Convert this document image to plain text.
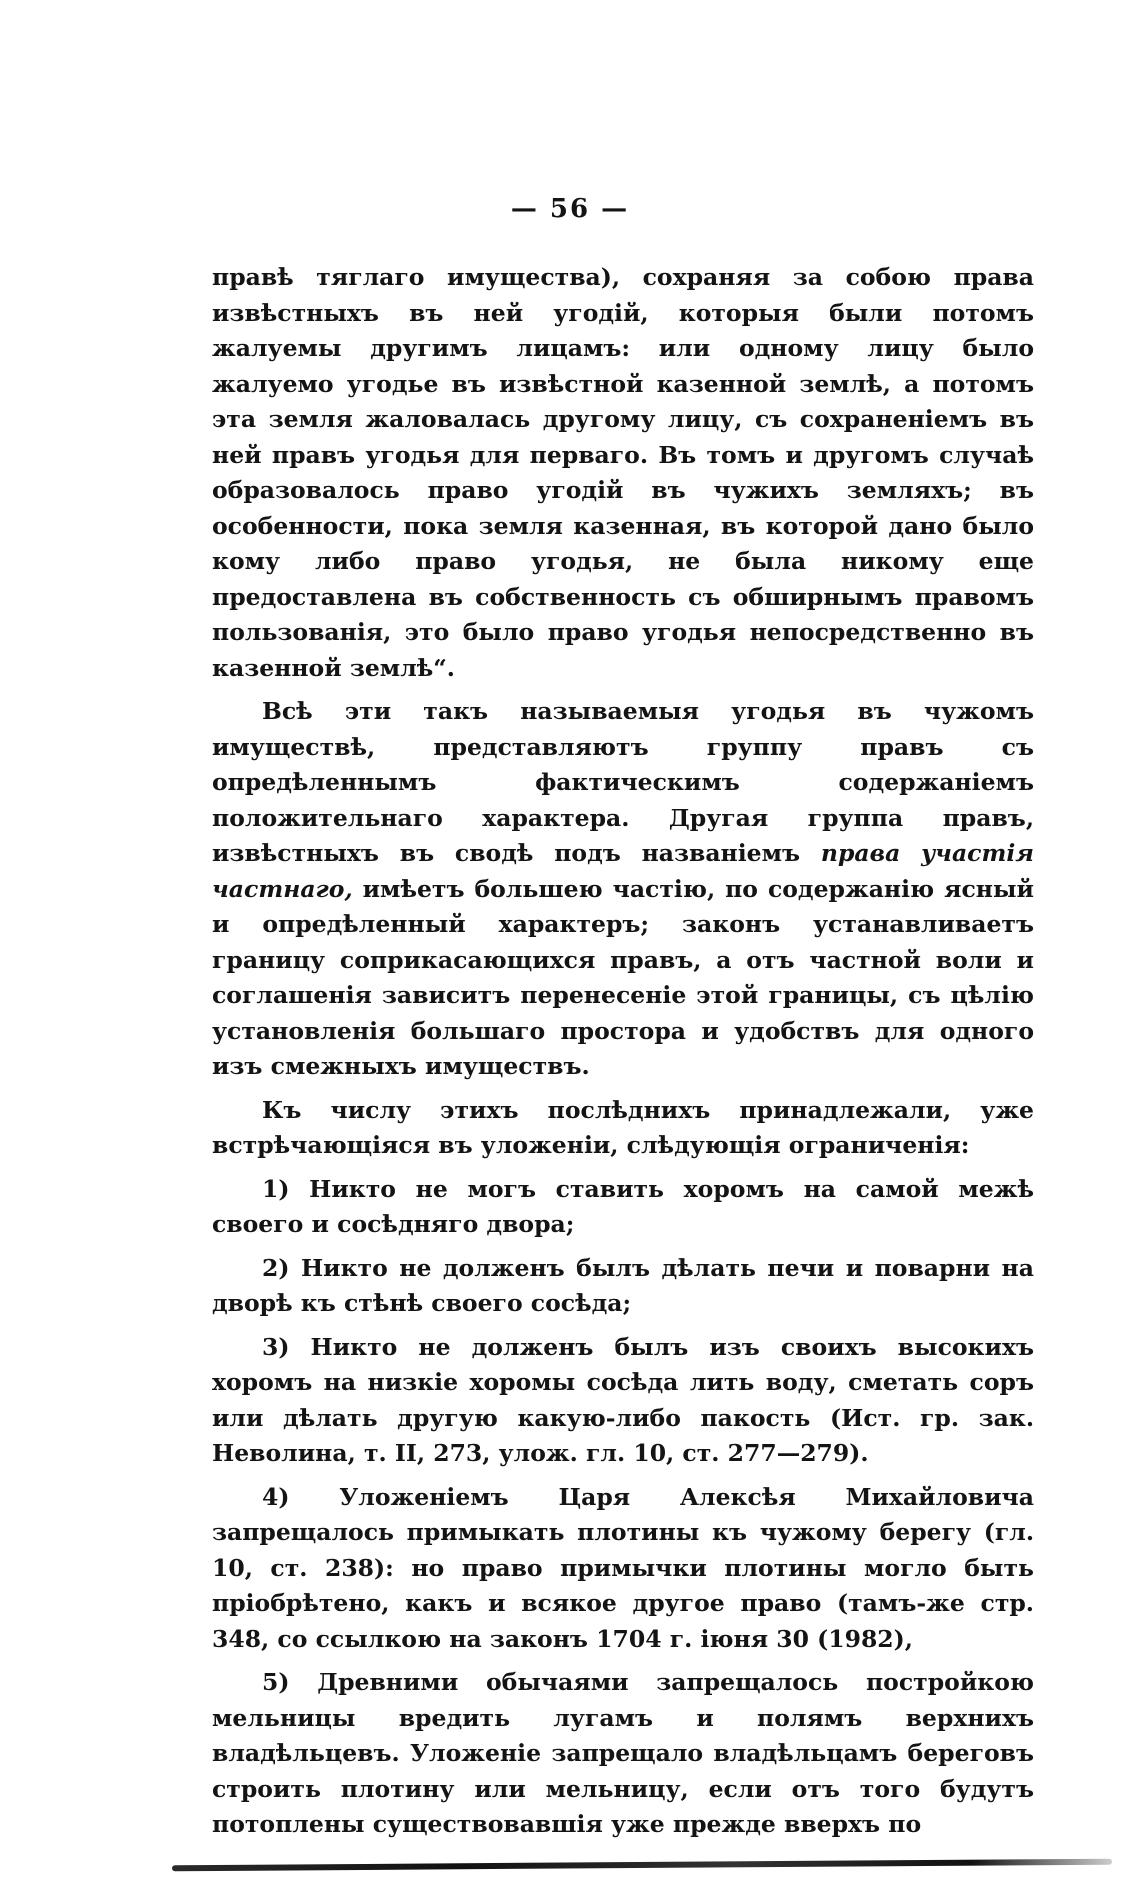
— 56 —

правѣ тяглаго имущества), сохраняя за собою права извѣстныхъ въ ней угодій, которыя были потомъ жалуемы другимъ лицамъ: или одному лицу было жалуемо угодье въ извѣстной казенной землѣ, а потомъ эта земля жаловалась другому лицу, съ сохраненіемъ въ ней правъ угодья для перваго. Въ томъ и другомъ случаѣ образовалось право угодій въ чужихъ земляхъ; въ особенности, пока земля казенная, въ которой дано было кому либо право угодья, не была никому еще предоставлена въ собственность съ обширнымъ правомъ пользованія, это было право угодья непосредственно въ казенной землѣ“.

Всѣ эти такъ называемыя угодья въ чужомъ имуществѣ, представляютъ группу правъ съ опредѣленнымъ фактическимъ содержаніемъ положительнаго характера. Другая группа правъ, извѣстныхъ въ сводѣ подъ названіемъ права участія частнаго, имѣетъ большею частію, по содержанію ясный и опредѣленный характеръ; законъ устанавливаетъ границу соприкасающихся правъ, а отъ частной воли и соглашенія зависитъ перенесеніе этой границы, съ цѣлію установленія большаго простора и удобствъ для одного изъ смежныхъ имуществъ.

Къ числу этихъ послѣднихъ принадлежали, уже встрѣчающіяся въ уложеніи, слѣдующія ограниченія:

1) Никто не могъ ставить хоромъ на самой межѣ своего и сосѣдняго двора;

2) Никто не долженъ былъ дѣлать печи и поварни на дворѣ къ стѣнѣ своего сосѣда;

3) Никто не долженъ былъ изъ своихъ высокихъ хоромъ на низкіе хоромы сосѣда лить воду, сметать соръ или дѣлать другую какую-либо пакость (Ист. гр. зак. Неволина, т. II, 273, улож. гл. 10, ст. 277—279).

4) Уложеніемъ Царя Алексѣя Михайловича запрещалось примыкать плотины къ чужому берегу (гл. 10, ст. 238): но право примычки плотины могло быть пріобрѣтено, какъ и всякое другое право (тамъ-же стр. 348, со ссылкою на законъ 1704 г. іюня 30 (1982),

5) Древними обычаями запрещалось постройкою мельницы вредить лугамъ и полямъ верхнихъ владѣльцевъ. Уложеніе запрещало владѣльцамъ береговъ строить плотину или мельницу, если отъ того будутъ потоплены существовавшія уже прежде вверхъ по
